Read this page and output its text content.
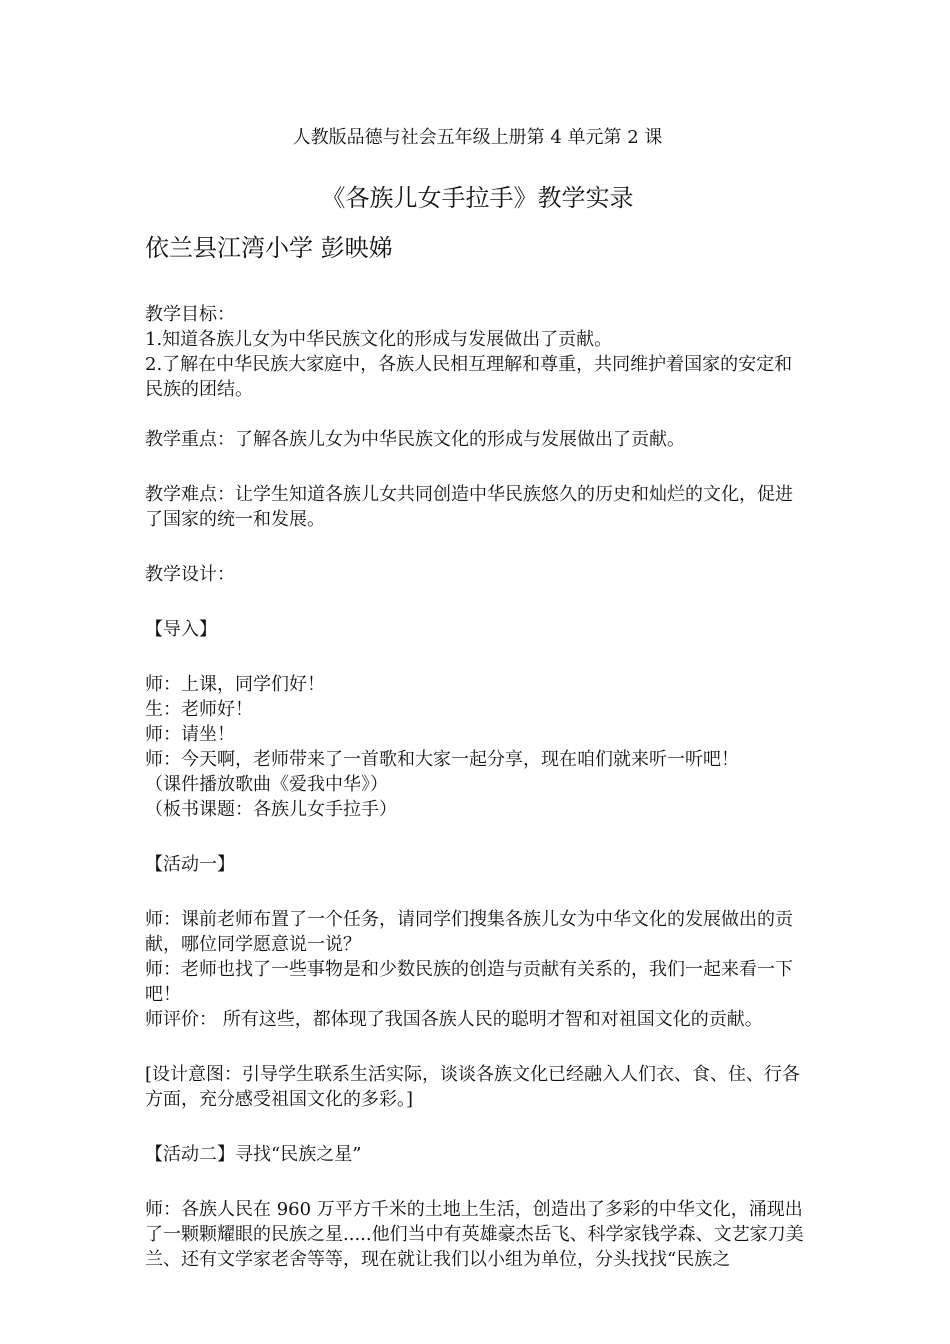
人教版品德与社会五年级上册第 4 单元第 2 课
《各族儿女手拉手》教学实录
依兰县江湾小学 彭映娣

教学目标：

1.知道各族儿女为中华民族文化的形成与发展做出了贡献。

2.了解在中华民族大家庭中，各族人民相互理解和尊重，共同维护着国家的安定和民族的团结。

教学重点：了解各族儿女为中华民族文化的形成与发展做出了贡献。

教学难点：让学生知道各族儿女共同创造中华民族悠久的历史和灿烂的文化，促进了国家的统一和发展。

教学设计：

【导入】

师：上课，同学们好！

生：老师好！

师：请坐！

师：今天啊，老师带来了一首歌和大家一起分享，现在咱们就来听一听吧！

（课件播放歌曲《爱我中华》）

（板书课题：各族儿女手拉手）

【活动一】

师：课前老师布置了一个任务，请同学们搜集各族儿女为中华文化的发展做出的贡献，哪位同学愿意说一说？

师：老师也找了一些事物是和少数民族的创造与贡献有关系的，我们一起来看一下吧！

师评价： 所有这些，都体现了我国各族人民的聪明才智和对祖国文化的贡献。

[设计意图：引导学生联系生活实际，谈谈各族文化已经融入人们衣、食、住、行各方面，充分感受祖国文化的多彩。]

【活动二】寻找“民族之星”

师：各族人民在 960 万平方千米的土地上生活，创造出了多彩的中华文化，涌现出了一颗颗耀眼的民族之星.....他们当中有英雄豪杰岳飞、科学家钱学森、文艺家刀美兰、还有文学家老舍等等，现在就让我们以小组为单位，分头找找“民族之
